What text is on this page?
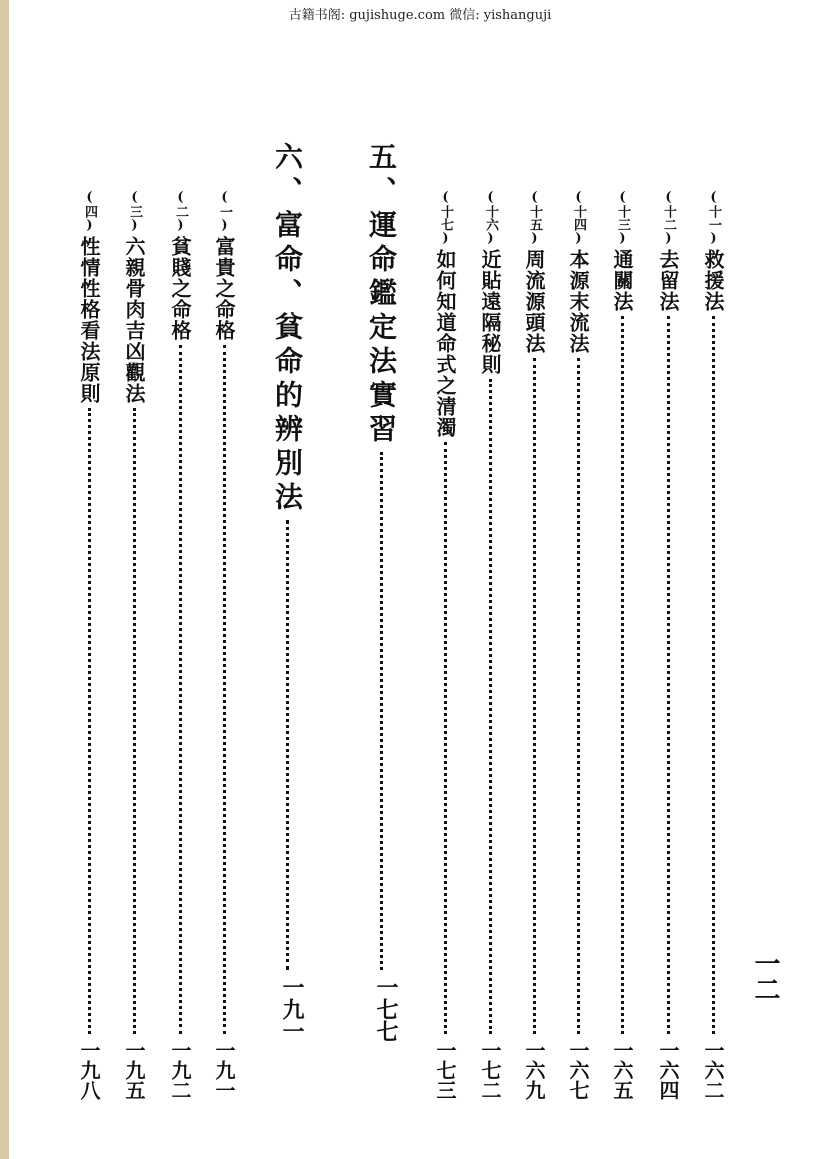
古籍书阁: gujishuge.com 微信: yishanguji
一二
(十一)救援法
一六二
(十二)去留法
一六四
(十三)通關法
一六五
(十四)本源末流法
一六七
(十五)周流源頭法
一六九
(十六)近貼遠隔秘則
一七二
(十七)如何知道命式之清濁
一七三
五、運命鑑定法實習
一七七
六、富命、貧命的辨別法
一九一
(一)富貴之命格
一九一
(二)貧賤之命格
一九二
(三)六親骨肉吉凶觀法
一九五
(四)性情性格看法原則
一九八
